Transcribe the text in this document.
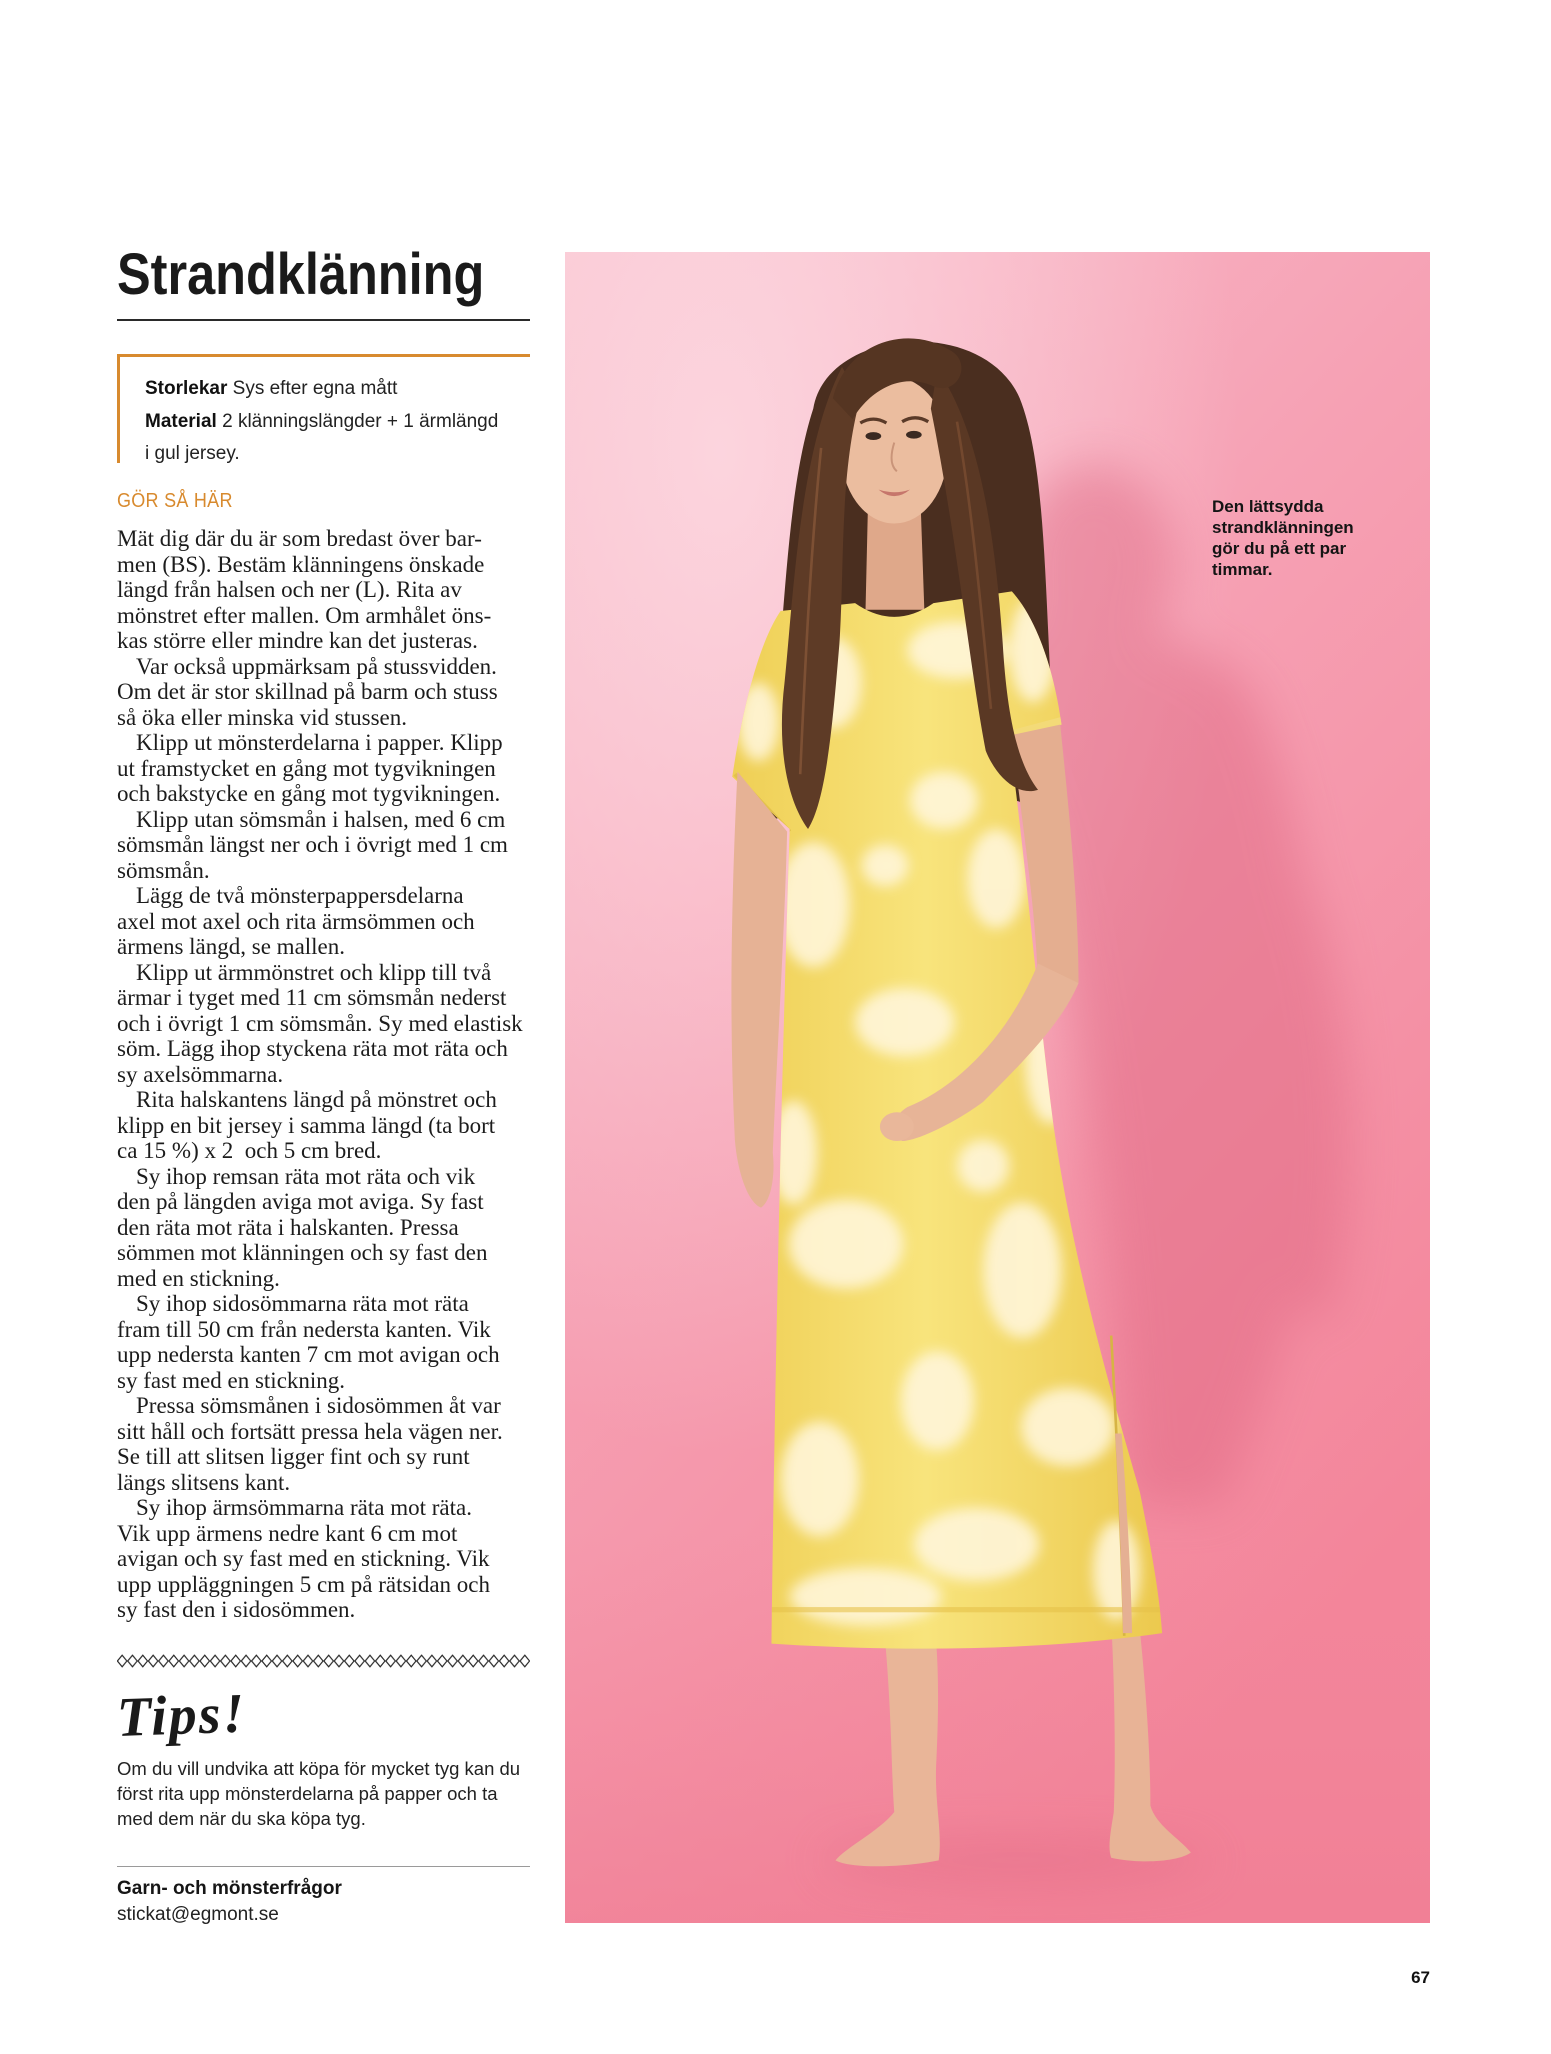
Strandklänning
Storlekar Sys efter egna mått
Material 2 klänningslängder + 1 ärmlängd
i gul jersey.
GÖR SÅ HÄR
Mät dig där du är som bredast över bar-
men (BS). Bestäm klänningens önskade
längd från halsen och ner (L). Rita av
mönstret efter mallen. Om armhålet öns-
kas större eller mindre kan det justeras.
Var också uppmärksam på stussvidden.
Om det är stor skillnad på barm och stuss
så öka eller minska vid stussen.
Klipp ut mönsterdelarna i papper. Klipp
ut framstycket en gång mot tygvikningen
och bakstycke en gång mot tygvikningen.
Klipp utan sömsmån i halsen, med 6 cm
sömsmån längst ner och i övrigt med 1 cm
sömsmån.
Lägg de två mönsterpappersdelarna
axel mot axel och rita ärmsömmen och
ärmens längd, se mallen.
Klipp ut ärmmönstret och klipp till två
ärmar i tyget med 11 cm sömsmån nederst
och i övrigt 1 cm sömsmån. Sy med elastisk
söm. Lägg ihop styckena räta mot räta och
sy axelsömmarna.
Rita halskantens längd på mönstret och
klipp en bit jersey i samma längd (ta bort
ca 15 %) x 2  och 5 cm bred.
Sy ihop remsan räta mot räta och vik
den på längden aviga mot aviga. Sy fast
den räta mot räta i halskanten. Pressa
sömmen mot klänningen och sy fast den
med en stickning.
Sy ihop sidosömmarna räta mot räta
fram till 50 cm från nedersta kanten. Vik
upp nedersta kanten 7 cm mot avigan och
sy fast med en stickning.
Pressa sömsmånen i sidosömmen åt var
sitt håll och fortsätt pressa hela vägen ner.
Se till att slitsen ligger fint och sy runt
längs slitsens kant.
Sy ihop ärmsömmarna räta mot räta.
Vik upp ärmens nedre kant 6 cm mot
avigan och sy fast med en stickning. Vik
upp uppläggningen 5 cm på rätsidan och
sy fast den i sidosömmen.
Tips!
Om du vill undvika att köpa för mycket tyg kan du
först rita upp mönsterdelarna på papper och ta
med dem när du ska köpa tyg.
Garn- och mönsterfrågor
stickat@egmont.se
Den lättsydda
strandklänningen
gör du på ett par
timmar.
67
